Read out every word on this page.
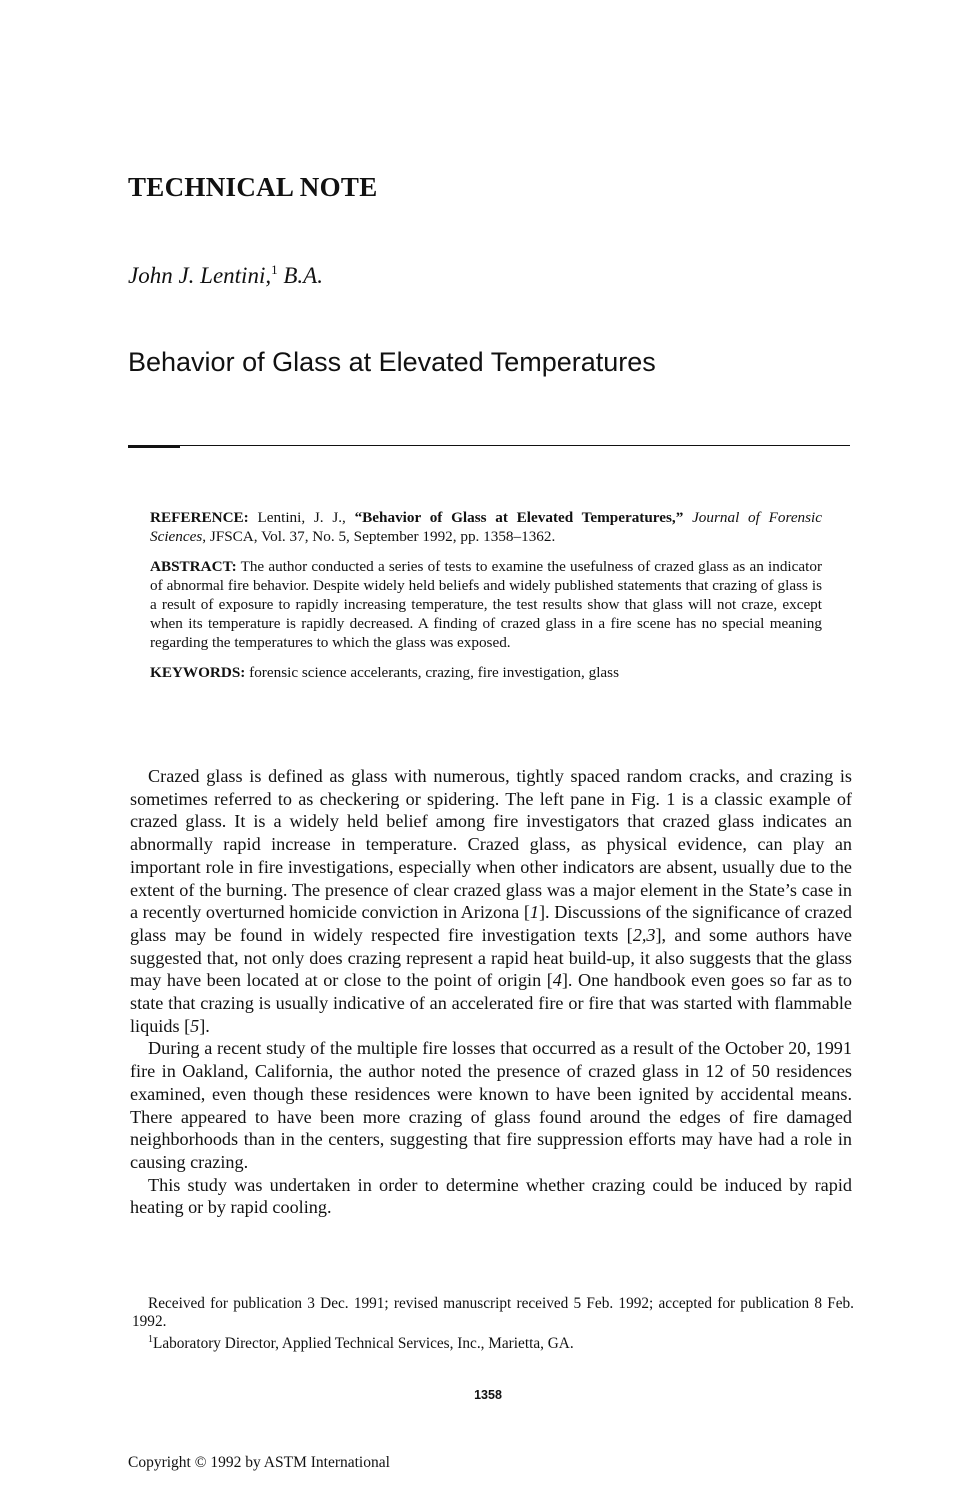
TECHNICAL NOTE
John J. Lentini,$^1$ B.A.
Behavior of Glass at Elevated Temperatures

REFERENCE: Lentini, J. J., “Behavior of Glass at Elevated Temperatures,” Journal of Forensic Sciences, JFSCA, Vol. 37, No. 5, September 1992, pp. 1358–1362.

ABSTRACT: The author conducted a series of tests to examine the usefulness of crazed glass as an indicator of abnormal fire behavior. Despite widely held beliefs and widely published statements that crazing of glass is a result of exposure to rapidly increasing temperature, the test results show that glass will not craze, except when its temperature is rapidly decreased. A finding of crazed glass in a fire scene has no special meaning regarding the temperatures to which the glass was exposed.

KEYWORDS: forensic science accelerants, crazing, fire investigation, glass

Crazed glass is defined as glass with numerous, tightly spaced random cracks, and crazing is sometimes referred to as checkering or spidering. The left pane in Fig. 1 is a classic example of crazed glass. It is a widely held belief among fire investigators that crazed glass indicates an abnormally rapid increase in temperature. Crazed glass, as physical evidence, can play an important role in fire investigations, especially when other indicators are absent, usually due to the extent of the burning. The presence of clear crazed glass was a major element in the State’s case in a recently overturned homicide conviction in Arizona [1]. Discussions of the significance of crazed glass may be found in widely respected fire investigation texts [2,3], and some authors have suggested that, not only does crazing represent a rapid heat build-up, it also suggests that the glass may have been located at or close to the point of origin [4]. One handbook even goes so far as to state that crazing is usually indicative of an accelerated fire or fire that was started with flammable liquids [5].

During a recent study of the multiple fire losses that occurred as a result of the October 20, 1991 fire in Oakland, California, the author noted the presence of crazed glass in 12 of 50 residences examined, even though these residences were known to have been ignited by accidental means. There appeared to have been more crazing of glass found around the edges of fire damaged neighborhoods than in the centers, suggesting that fire suppression efforts may have had a role in causing crazing.

This study was undertaken in order to determine whether crazing could be induced by rapid heating or by rapid cooling.

Received for publication 3 Dec. 1991; revised manuscript received 5 Feb. 1992; accepted for publication 8 Feb. 1992.

$^1$Laboratory Director, Applied Technical Services, Inc., Marietta, GA.

1358
Copyright © 1992 by ASTM International
